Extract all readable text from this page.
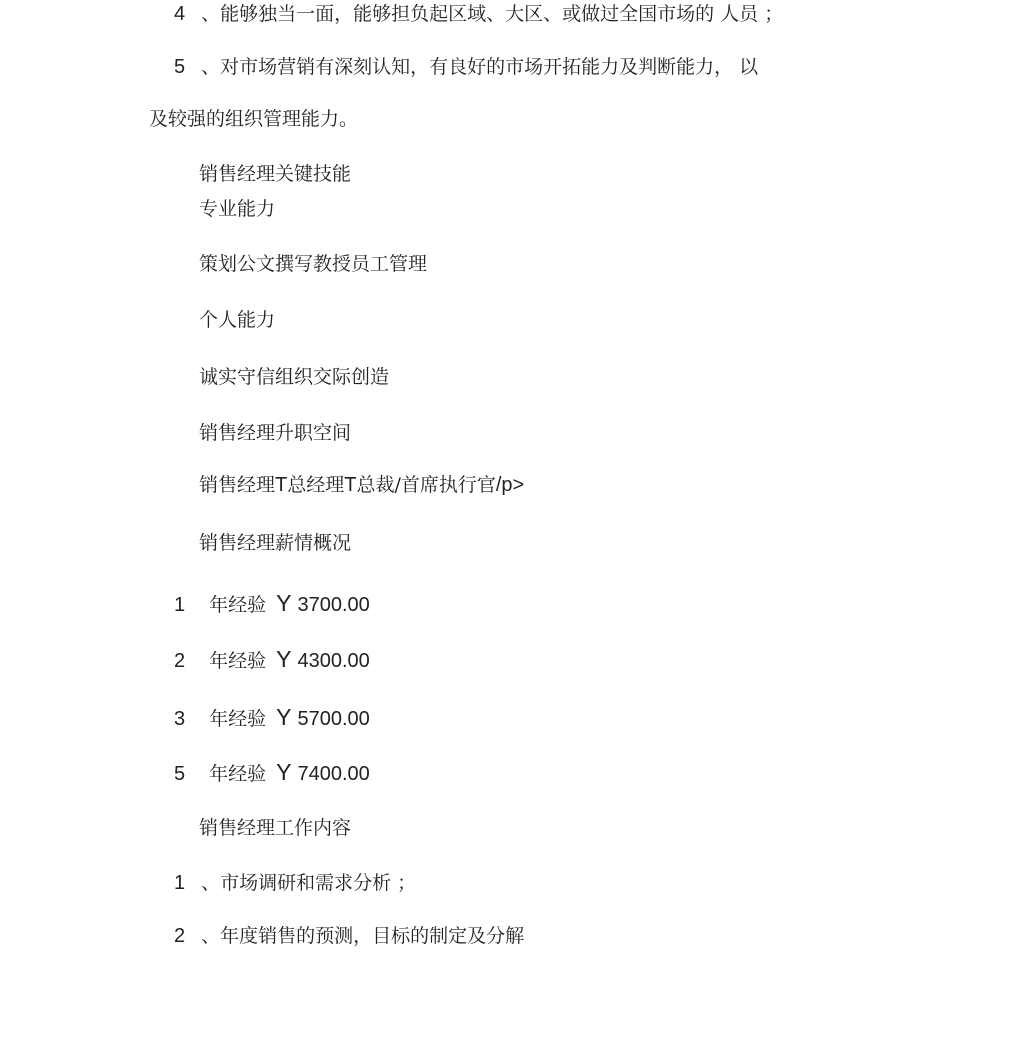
4 、能够独当一面，能够担负起区域、大区、或做过全国市场的 人员 ；
5 、对市场营销有深刻认知，有良好的市场开拓能力及判断能力， 以
及较强的组织管理能力。
销售经理关键技能
专业能力
策划公文撰写教授员工管理
个人能力
诚实守信组织交际创造
销售经理升职空间
销售经理T总经理T总裁/首席执行官/p>
销售经理薪情概况
1 年经验 Y 3700.00
2 年经验 Y 4300.00
3 年经验 Y 5700.00
5 年经验 Y 7400.00
销售经理工作内容
1 、市场调研和需求分析 ；
2 、年度销售的预测，目标的制定及分解
